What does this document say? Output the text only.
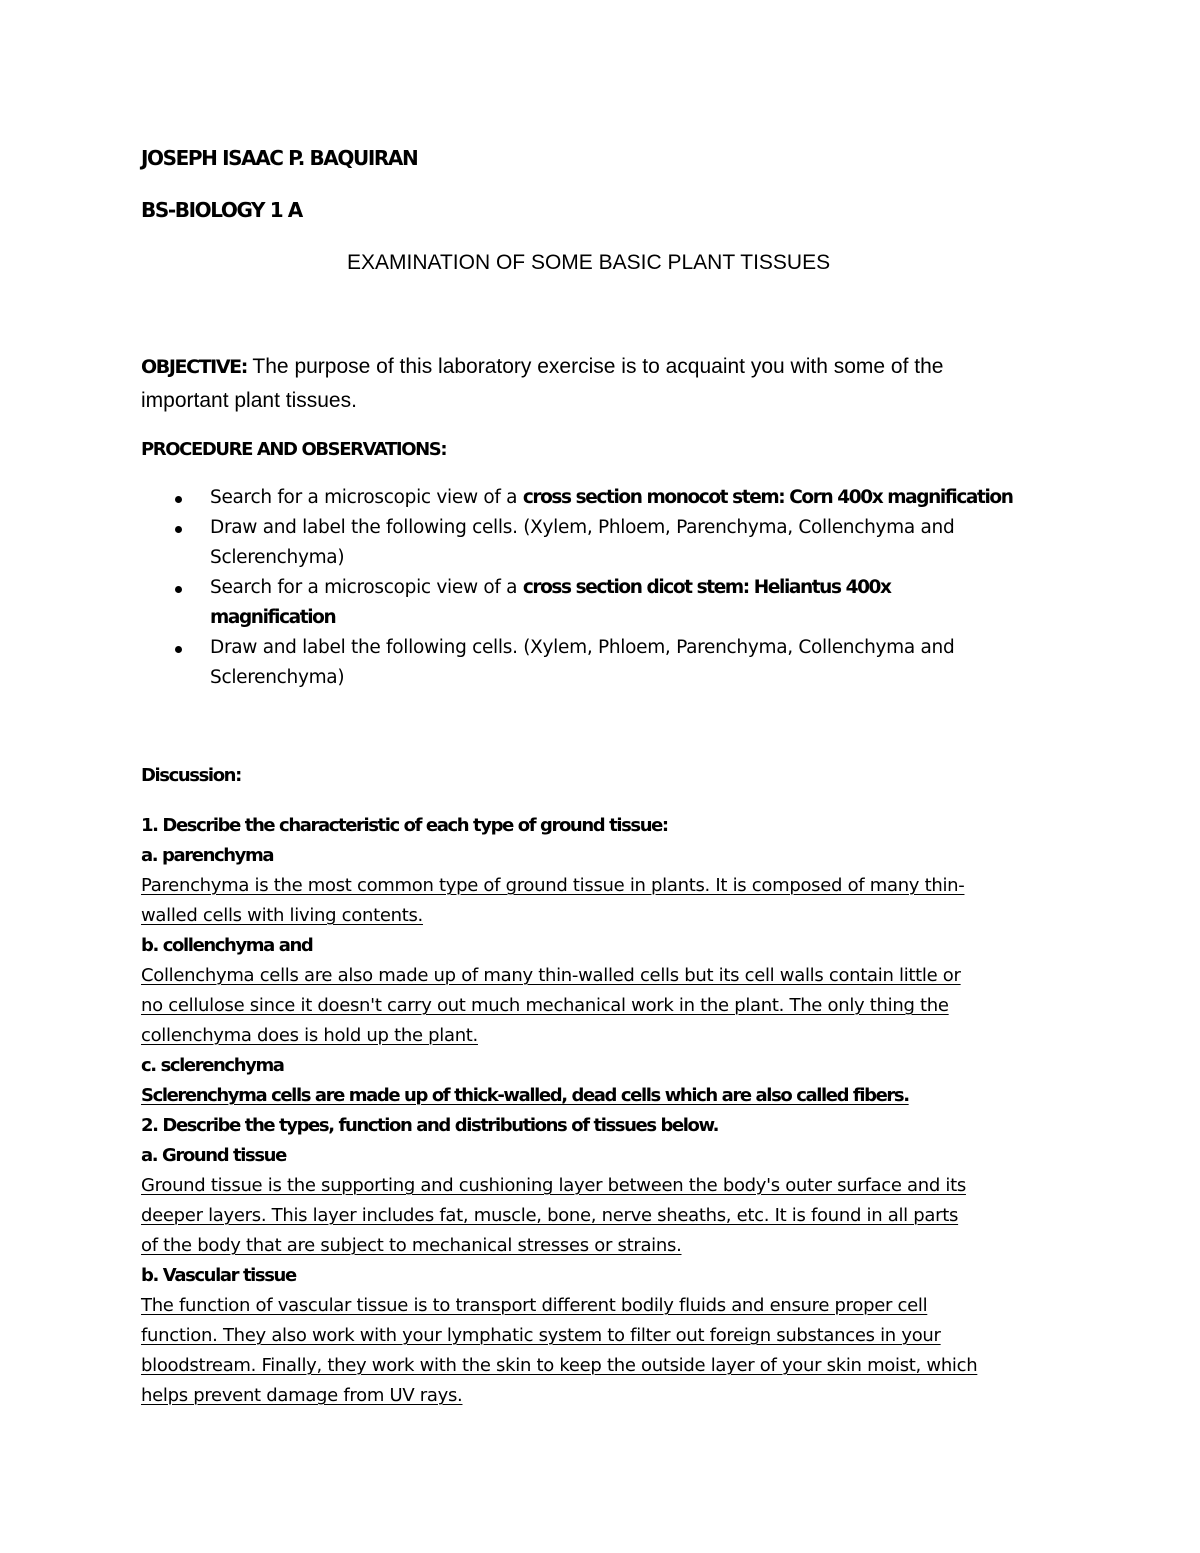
JOSEPH ISAAC P. BAQUIRAN
BS-BIOLOGY 1 A
EXAMINATION OF SOME BASIC PLANT TISSUES
OBJECTIVE: The purpose of this laboratory exercise is to acquaint you with some of the
important plant tissues.
PROCEDURE AND OBSERVATIONS:
Search for a microscopic view of a cross section monocot stem: Corn 400x magnification
Draw and label the following cells. (Xylem, Phloem, Parenchyma, Collenchyma and
Sclerenchyma)
Search for a microscopic view of a cross section dicot stem: Heliantus 400x
magnification
Draw and label the following cells. (Xylem, Phloem, Parenchyma, Collenchyma and
Sclerenchyma)
Discussion:
1. Describe the characteristic of each type of ground tissue:
a. parenchyma
Parenchyma is the most common type of ground tissue in plants. It is composed of many thin-
walled cells with living contents.
b. collenchyma and
Collenchyma cells are also made up of many thin-walled cells but its cell walls contain little or
no cellulose since it doesn't carry out much mechanical work in the plant. The only thing the
collenchyma does is hold up the plant.
c. sclerenchyma
Sclerenchyma cells are made up of thick-walled, dead cells which are also called fibers.
2. Describe the types, function and distributions of tissues below.
a. Ground tissue
Ground tissue is the supporting and cushioning layer between the body's outer surface and its
deeper layers. This layer includes fat, muscle, bone, nerve sheaths, etc. It is found in all parts
of the body that are subject to mechanical stresses or strains.
b. Vascular tissue
The function of vascular tissue is to transport different bodily fluids and ensure proper cell
function. They also work with your lymphatic system to filter out foreign substances in your
bloodstream. Finally, they work with the skin to keep the outside layer of your skin moist, which
helps prevent damage from UV rays.
